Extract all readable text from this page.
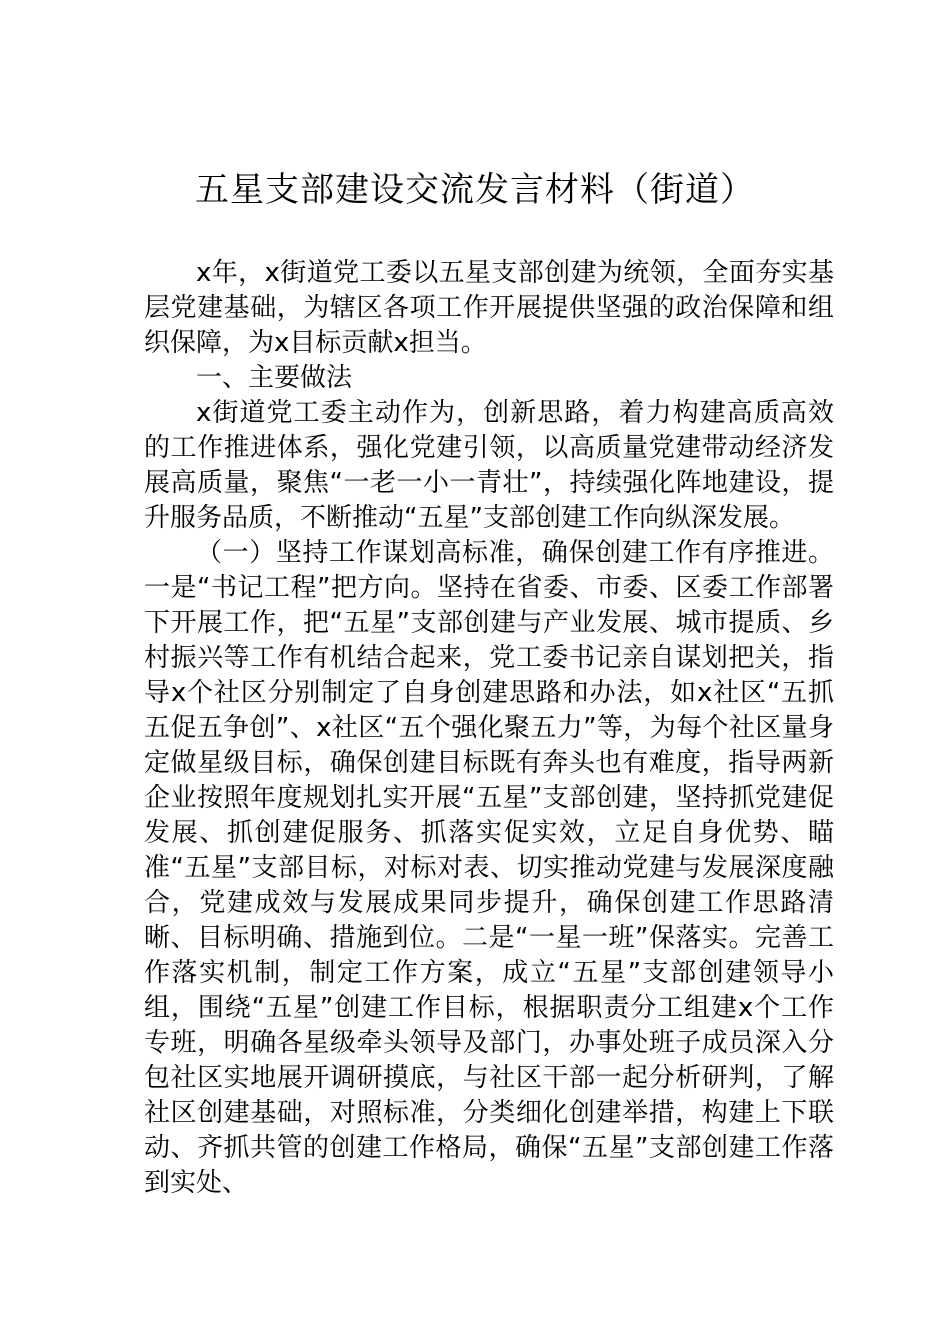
五星支部建设交流发言材料（街道）

x年，x街道党工委以五星支部创建为统领，全面夯实基层党建基础，为辖区各项工作开展提供坚强的政治保障和组织保障，为x目标贡献x担当。

一、主要做法

x街道党工委主动作为，创新思路，着力构建高质高效的工作推进体系，强化党建引领，以高质量党建带动经济发展高质量，聚焦“一老一小一青壮”，持续强化阵地建设，提升服务品质，不断推动“五星”支部创建工作向纵深发展。

（一）坚持工作谋划高标准，确保创建工作有序推进。一是“书记工程”把方向。坚持在省委、市委、区委工作部署下开展工作，把“五星”支部创建与产业发展、城市提质、乡村振兴等工作有机结合起来，党工委书记亲自谋划把关，指导x个社区分别制定了自身创建思路和办法，如x社区“五抓五促五争创”、x社区“五个强化聚五力”等，为每个社区量身定做星级目标，确保创建目标既有奔头也有难度，指导两新企业按照年度规划扎实开展“五星”支部创建，坚持抓党建促发展、抓创建促服务、抓落实促实效，立足自身优势、瞄准“五星”支部目标，对标对表、切实推动党建与发展深度融合，党建成效与发展成果同步提升，确保创建工作思路清晰、目标明确、措施到位。二是“一星一班”保落实。完善工作落实机制，制定工作方案，成立“五星”支部创建领导小组，围绕“五星”创建工作目标，根据职责分工组建x个工作专班，明确各星级牵头领导及部门，办事处班子成员深入分包社区实地展开调研摸底，与社区干部一起分析研判，了解社区创建基础，对照标准，分类细化创建举措，构建上下联动、齐抓共管的创建工作格局，确保“五星”支部创建工作落到实处、
